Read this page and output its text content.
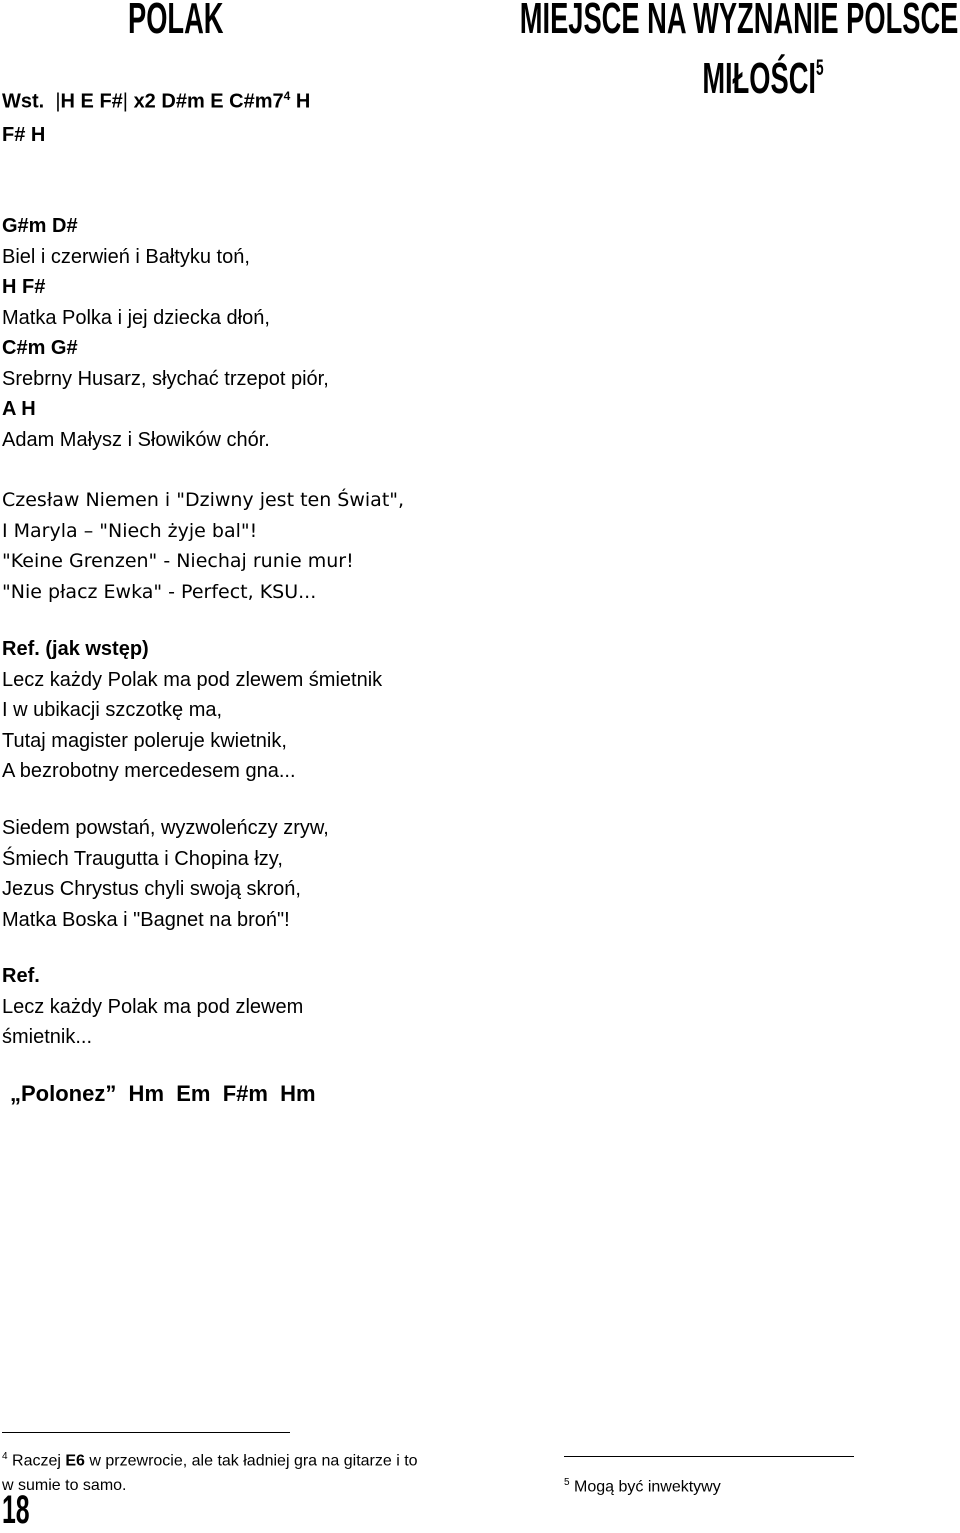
POLAK	MIEJSCE NA WYZNANIE POLSCE
MIŁOŚCI$^5$
Wst.  |H E F#| x2 D#m E $C\#m7^4$ H
F# H
G#m D#
Biel i czerwień i Bałtyku toń,
H F#
Matka Polka i jej dziecka dłoń,
C#m G#
Srebrny Husarz, słychać trzepot piór,
A H
Adam Małysz i Słowików chór.
Czesław Niemen i "Dziwny jest ten Świat",
I Maryla – "Niech żyje bal"!
"Keine Grenzen" - Niechaj runie mur!
"Nie płacz Ewka" - Perfect, KSU...
Ref. (jak wstęp)
Lecz każdy Polak ma pod zlewem śmietnik
I w ubikacji szczotkę ma,
Tutaj magister poleruje kwietnik,
A bezrobotny mercedesem gna...
Siedem powstań, wyzwoleńczy zryw,
Śmiech Traugutta i Chopina łzy,
Jezus Chrystus chyli swoją skroń,
Matka Boska i "Bagnet na broń"!
Ref.
Lecz każdy Polak ma pod zlewem
śmietnik...
„Polonez”  Hm  Em  F#m  Hm
$^4$ Raczej E6 w przewrocie, ale tak ładniej gra na gitarze i to w sumie to samo.	$^5$ Mogą być inwektywy
18
